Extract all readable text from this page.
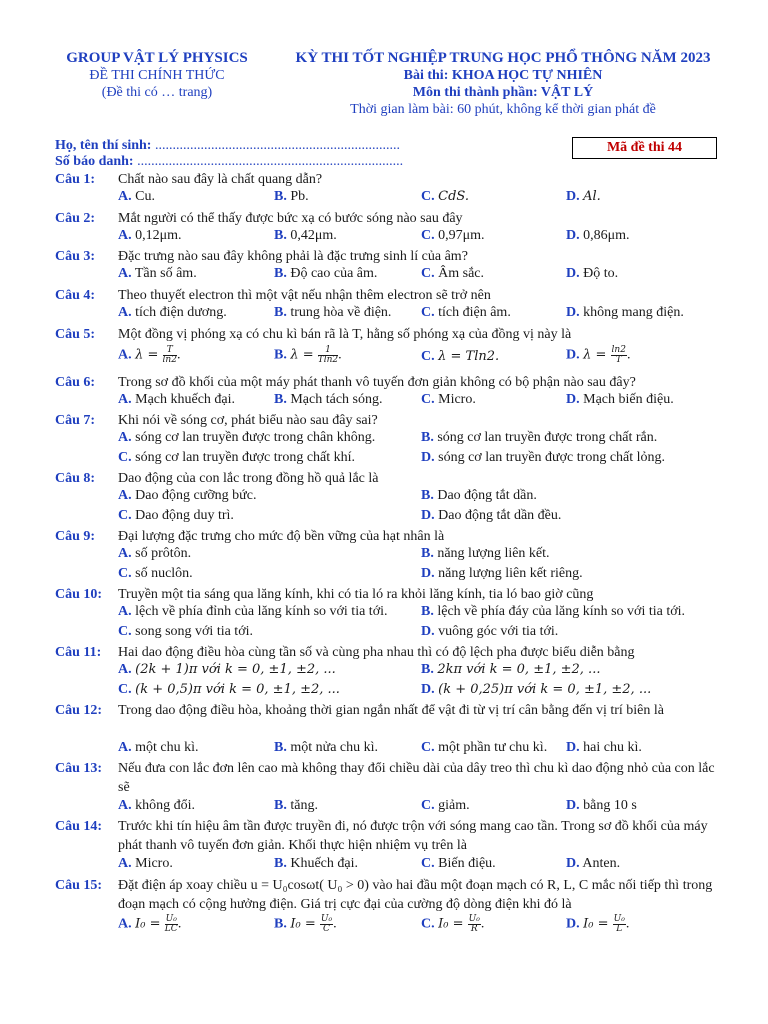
GROUP VẬT LÝ PHYSICS
ĐỀ THI CHÍNH THỨC
(Đề thi có … trang)
KỲ THI TỐT NGHIỆP TRUNG HỌC PHỔ THÔNG NĂM 2023
Bài thi: KHOA HỌC TỰ NHIÊN
Môn thi thành phần: VẬT LÝ
Thời gian làm bài: 60 phút, không kể thời gian phát đề
Họ, tên thí sinh: ......................................................................
Số báo danh: ............................................................................
Mã đề thi 44
Câu 1: Chất nào sau đây là chất quang dẫn?
A. Cu.	B. Pb.	C. CdS.	D. Al.
Câu 2: Mắt người có thể thấy được bức xạ có bước sóng nào sau đây
A. 0,12μm.	B. 0,42μm.	C. 0,97μm.	D. 0,86μm.
Câu 3: Đặc trưng nào sau đây không phải là đặc trưng sinh lí của âm?
A. Tần số âm.	B. Độ cao của âm.	C. Âm sắc.	D. Độ to.
Câu 4: Theo thuyết electron thì một vật nếu nhận thêm electron sẽ trở nên
A. tích điện dương.	B. trung hòa về điện. C. tích điện âm.	D. không mang điện.
Câu 5: Một đồng vị phóng xạ có chu kì bán rã là T, hằng số phóng xạ của đồng vị này là
A. $\lambda = \frac{T}{\ln 2}$ .	B. $\lambda = \frac{1}{Tln2}$ .	C. λ = Tln2.	D. $\lambda = \frac{\ln 2}{T}$ .
Câu 6: Trong sơ đồ khối của một máy phát thanh vô tuyến đơn giản không có bộ phận nào sau đây?
A. Mạch khuếch đại.	B. Mạch tách sóng.	C. Micro.	D. Mạch biến điệu.
Câu 7: Khi nói về sóng cơ, phát biểu nào sau đây sai?
A. sóng cơ lan truyền được trong chân không.	B. sóng cơ lan truyền được trong chất rắn.
C. sóng cơ lan truyền được trong chất khí.	D. sóng cơ lan truyền được trong chất lỏng.
Câu 8: Dao động của con lắc trong đồng hồ quả lắc là
A. Dao động cưỡng bức.	B. Dao động tắt dần.
C. Dao động duy trì.	D. Dao động tắt dần đều.
Câu 9: Đại lượng đặc trưng cho mức độ bền vững của hạt nhân là
A. số prôtôn.	B. năng lượng liên kết.
C. số nuclôn.	D. năng lượng liên kết riêng.
Câu 10: Truyền một tia sáng qua lăng kính, khi có tia ló ra khỏi lăng kính, tia ló bao giờ cũng
A. lệch về phía đỉnh của lăng kính so với tia tới. B. lệch về phía đáy của lăng kính so với tia tới.
C. song song với tia tới.	D. vuông góc với tia tới.
Câu 11: Hai dao động điều hòa cùng tần số và cùng pha nhau thì có độ lệch pha được biểu diễn bằng
A. (2k + 1)π với k = 0, ±1, ±2, ...	B. 2kπ với k = 0, ±1, ±2, ...
C. (k + 0,5)π với k = 0, ±1, ±2, ...	D. (k + 0,25)π với k = 0, ±1, ±2, ...
Câu 12: Trong dao động điều hòa, khoảng thời gian ngắn nhất để vật đi từ vị trí cân bằng đến vị trí biên là
A. một chu kì.	B. một nửa chu kì.	C. một phần tư chu kì. D. hai chu kì.
Câu 13: Nếu đưa con lắc đơn lên cao mà không thay đổi chiều dài của dây treo thì chu kì dao động nhỏ của con lắc sẽ
A. không đổi.	B. tăng.	C. giảm.	D. bằng 10 s
Câu 14: Trước khi tín hiệu âm tần được truyền đi, nó được trộn với sóng mang cao tần. Trong sơ đồ khối của máy phát thanh vô tuyến đơn giản. Khối thực hiện nhiệm vụ trên là
A. Micro.	B. Khuếch đại.	C. Biến điệu.	D. Anten.
Câu 15: Đặt điện áp xoay chiều u = U₀cosωt( U₀ > 0) vào hai đầu một đoạn mạch có R, L, C mắc nối tiếp thì trong đoạn mạch có cộng hưởng điện. Giá trị cực đại của cường độ dòng điện khi đó là
A. $I_0 = \frac{\text{U₀}}{LC}$ .	B. $I_0 = \frac{\text{U₀}}{C}$ .	C. $I_0 = \frac{\text{U₀}}{R}$ .	D. $I_0 = \frac{\text{U₀}}{L}$ .
